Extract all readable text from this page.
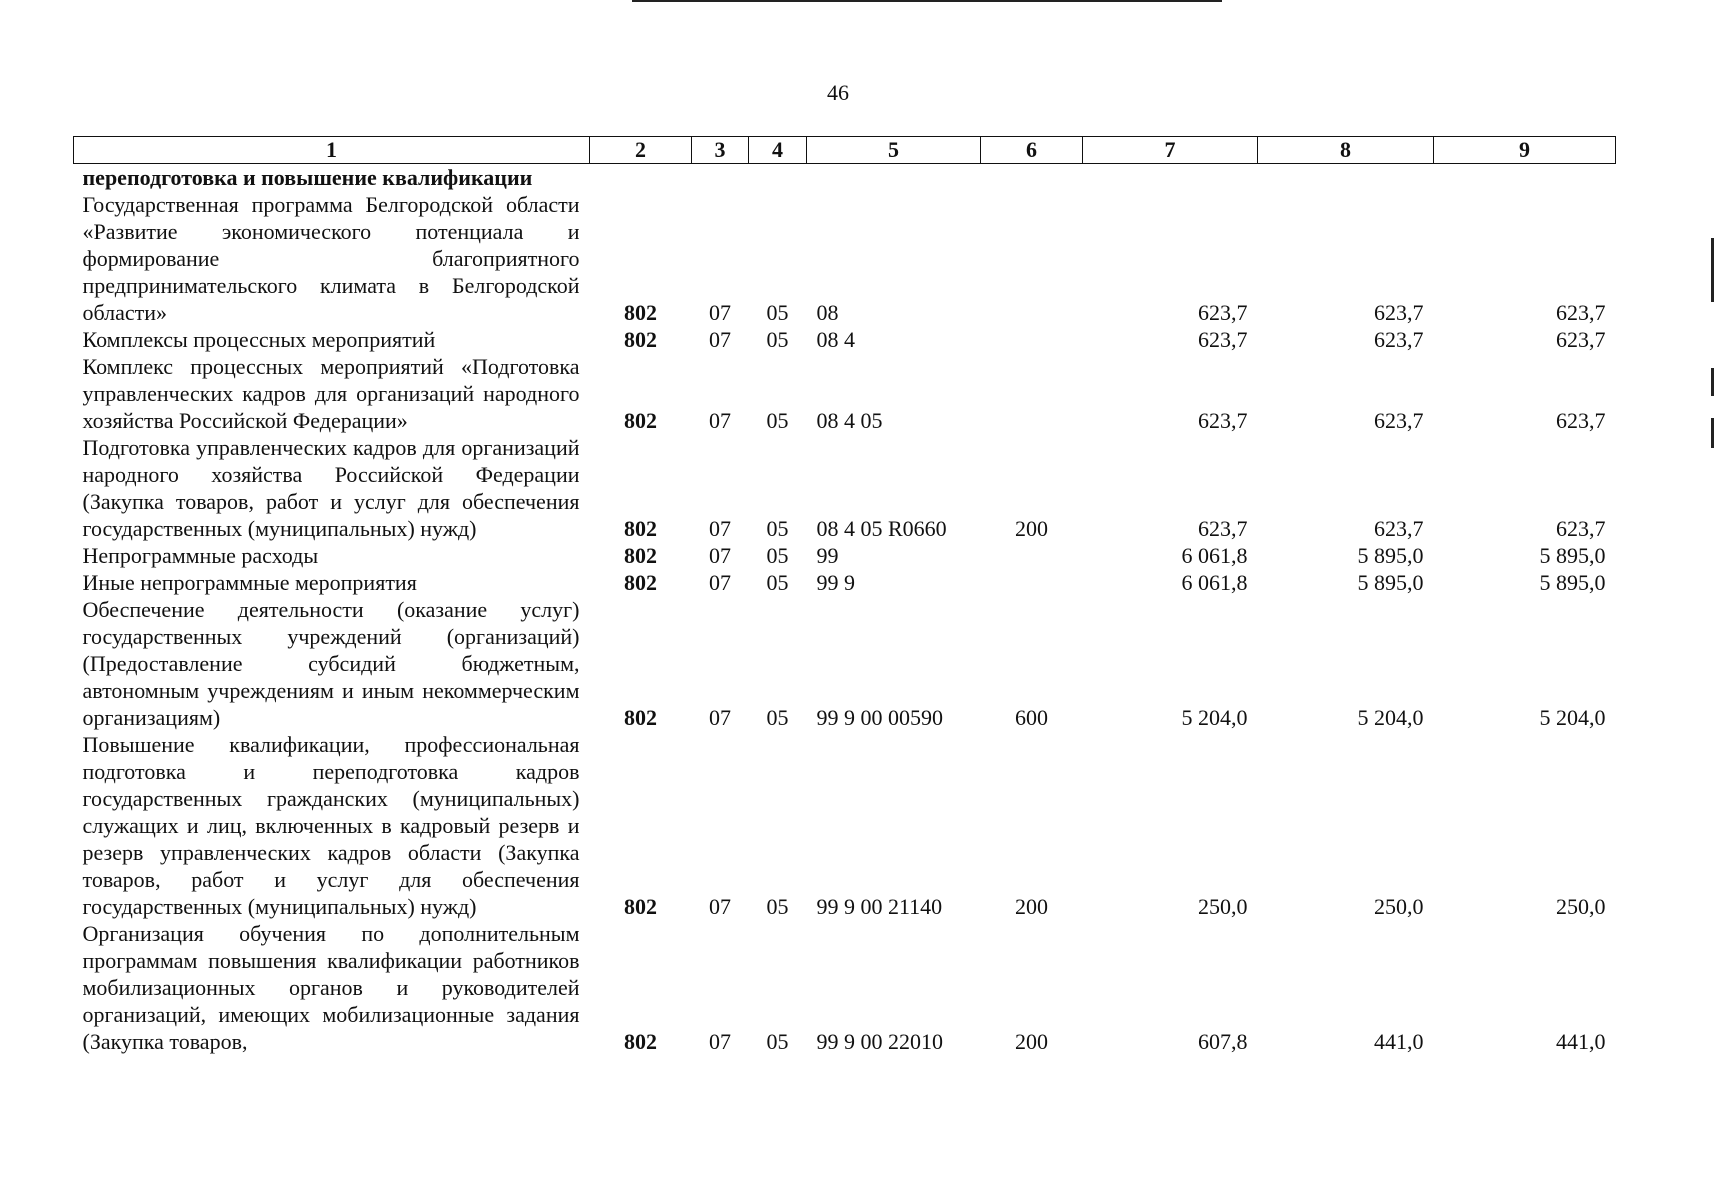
46
1	2	3	4	5	6	7	8	9
переподготовка и повышение квалификации								
Государственная программа Белгородской области «Развитие экономического потенциала и формирование благоприятного предпринимательского климата в Белгородской области»	802	07	05	08		623,7	623,7	623,7
Комплексы процессных мероприятий	802	07	05	08 4		623,7	623,7	623,7
Комплекс процессных мероприятий «Подготовка управленческих кадров для организаций народного хозяйства Российской Федерации»	802	07	05	08 4 05		623,7	623,7	623,7
Подготовка управленческих кадров для организаций народного хозяйства Российской Федерации (Закупка товаров, работ и услуг для обеспечения государственных (муниципальных) нужд)	802	07	05	08 4 05 R0660	200	623,7	623,7	623,7
Непрограммные расходы	802	07	05	99		6 061,8	5 895,0	5 895,0
Иные непрограммные мероприятия	802	07	05	99 9		6 061,8	5 895,0	5 895,0
Обеспечение деятельности (оказание услуг) государственных учреждений (организаций) (Предоставление субсидий бюджетным, автономным учреждениям и иным некоммерческим организациям)	802	07	05	99 9 00 00590	600	5 204,0	5 204,0	5 204,0
Повышение квалификации, профессиональная подготовка и переподготовка кадров государственных гражданских (муниципальных) служащих и лиц, включенных в кадровый резерв и резерв управленческих кадров области (Закупка товаров, работ и услуг для обеспечения государственных (муниципальных) нужд)	802	07	05	99 9 00 21140	200	250,0	250,0	250,0
Организация обучения по дополнительным программам повышения квалификации работников мобилизационных органов и руководителей организаций, имеющих мобилизационные задания (Закупка товаров,	802	07	05	99 9 00 22010	200	607,8	441,0	441,0
